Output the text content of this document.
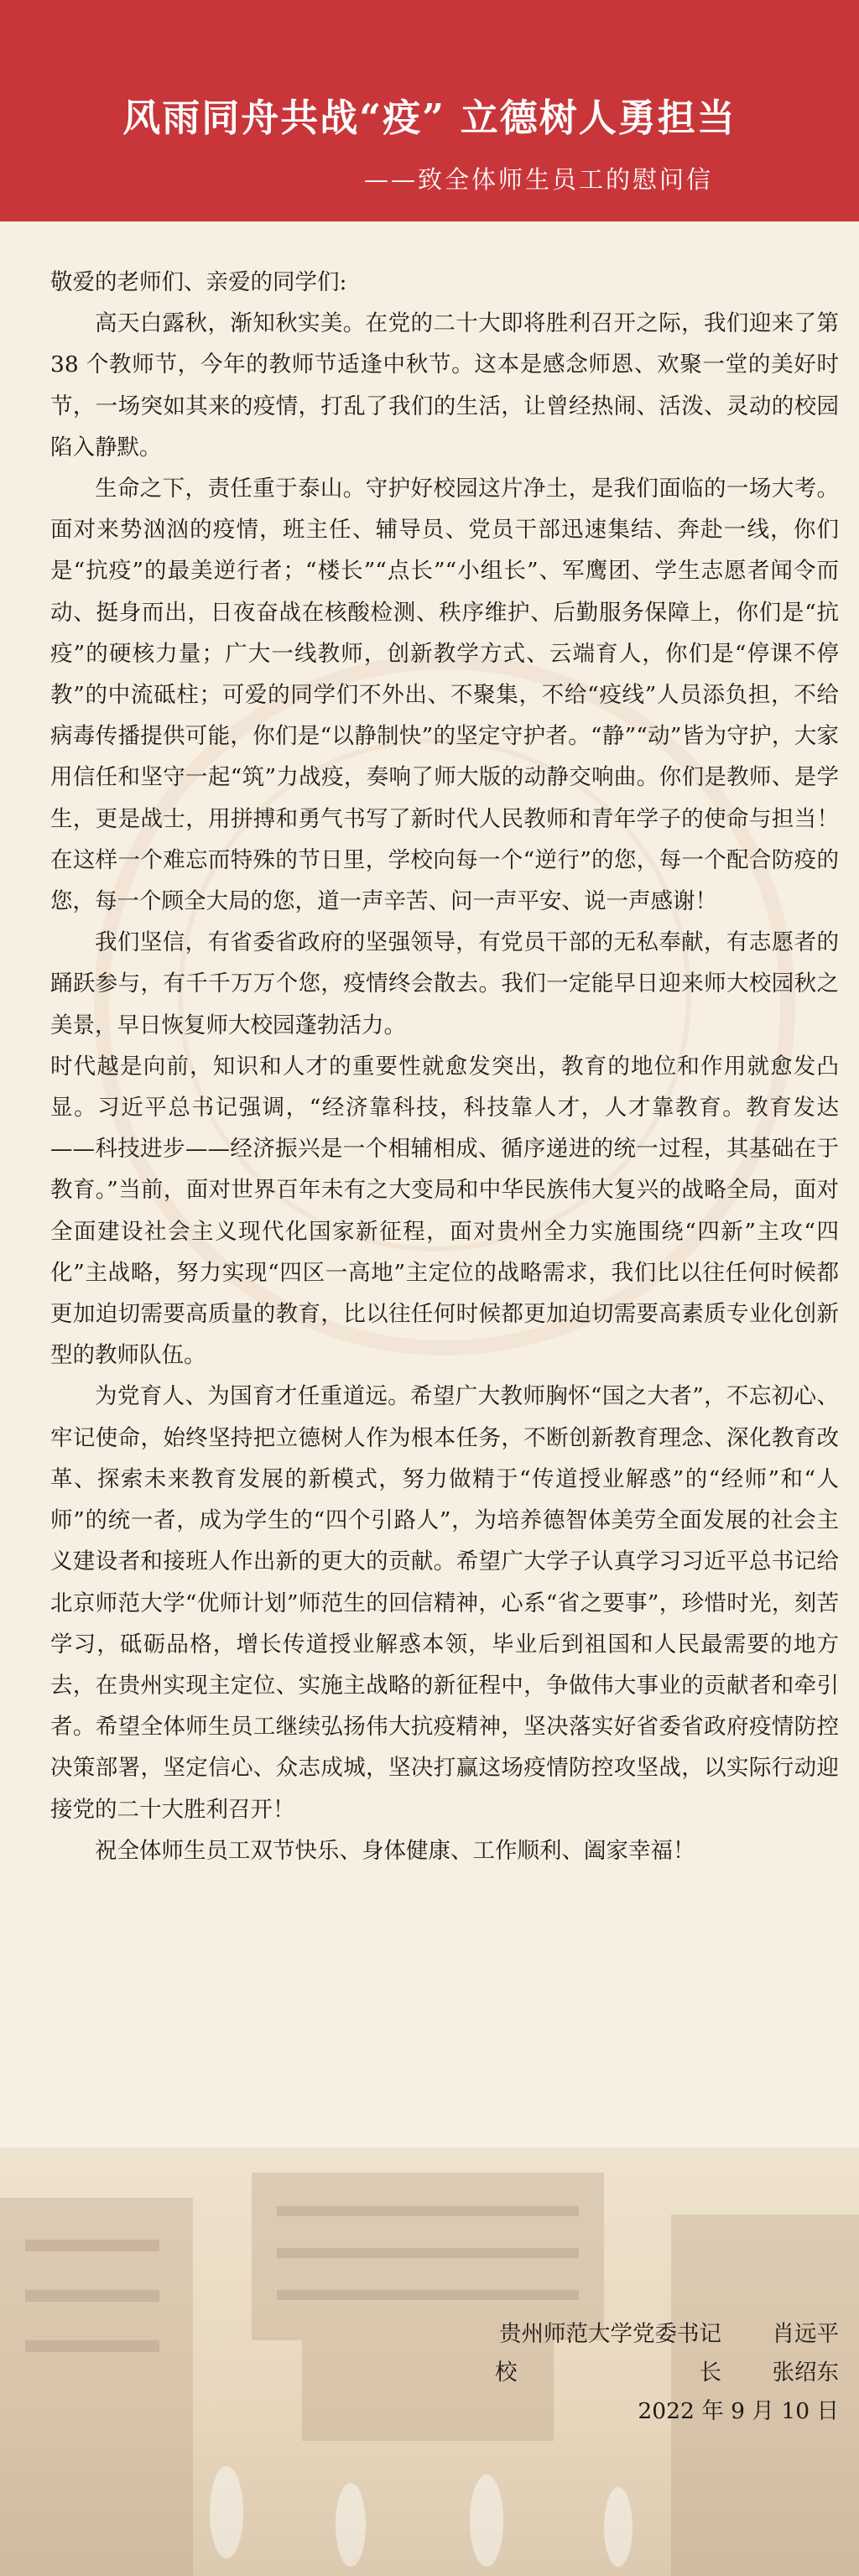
风雨同舟共战“疫” 立德树人勇担当
——致全体师生员工的慰问信

敬爱的老师们、亲爱的同学们:

高天白露秋，渐知秋实美。在党的二十大即将胜利召开之际，我们迎来了第 38 个教师节，今年的教师节适逢中秋节。这本是感念师恩、欢聚一堂的美好时节，一场突如其来的疫情，打乱了我们的生活，让曾经热闹、活泼、灵动的校园陷入静默。

生命之下，责任重于泰山。守护好校园这片净土，是我们面临的一场大考。面对来势汹汹的疫情，班主任、辅导员、党员干部迅速集结、奔赴一线，你们是“抗疫”的最美逆行者；“楼长”“点长”“小组长”、军鹰团、学生志愿者闻令而动、挺身而出，日夜奋战在核酸检测、秩序维护、后勤服务保障上，你们是“抗疫”的硬核力量；广大一线教师，创新教学方式、云端育人，你们是“停课不停教”的中流砥柱；可爱的同学们不外出、不聚集，不给“疫线”人员添负担，不给病毒传播提供可能，你们是“以静制快”的坚定守护者。“静”“动”皆为守护，大家用信任和坚守一起“筑”力战疫，奏响了师大版的动静交响曲。你们是教师、是学生，更是战士，用拼搏和勇气书写了新时代人民教师和青年学子的使命与担当！在这样一个难忘而特殊的节日里，学校向每一个“逆行”的您，每一个配合防疫的您，每一个顾全大局的您，道一声辛苦、问一声平安、说一声感谢！

我们坚信，有省委省政府的坚强领导，有党员干部的无私奉献，有志愿者的踊跃参与，有千千万万个您，疫情终会散去。我们一定能早日迎来师大校园秋之美景，早日恢复师大校园蓬勃活力。

时代越是向前，知识和人才的重要性就愈发突出，教育的地位和作用就愈发凸显。习近平总书记强调，“经济靠科技，科技靠人才，人才靠教育。教育发达——科技进步——经济振兴是一个相辅相成、循序递进的统一过程，其基础在于教育。”当前，面对世界百年未有之大变局和中华民族伟大复兴的战略全局，面对全面建设社会主义现代化国家新征程，面对贵州全力实施围绕“四新”主攻“四化”主战略，努力实现“四区一高地”主定位的战略需求，我们比以往任何时候都更加迫切需要高质量的教育，比以往任何时候都更加迫切需要高素质专业化创新型的教师队伍。

为党育人、为国育才任重道远。希望广大教师胸怀“国之大者”，不忘初心、牢记使命，始终坚持把立德树人作为根本任务，不断创新教育理念、深化教育改革、探索未来教育发展的新模式，努力做精于“传道授业解惑”的“经师”和“人师”的统一者，成为学生的“四个引路人”，为培养德智体美劳全面发展的社会主义建设者和接班人作出新的更大的贡献。希望广大学子认真学习习近平总书记给北京师范大学“优师计划”师范生的回信精神，心系“省之要事”，珍惜时光，刻苦学习，砥砺品格，增长传道授业解惑本领，毕业后到祖国和人民最需要的地方去，在贵州实现主定位、实施主战略的新征程中，争做伟大事业的贡献者和牵引者。希望全体师生员工继续弘扬伟大抗疫精神，坚决落实好省委省政府疫情防控决策部署，坚定信心、众志成城，坚决打赢这场疫情防控攻坚战，以实际行动迎接党的二十大胜利召开！

祝全体师生员工双节快乐、身体健康、工作顺利、阖家幸福！

贵州师范大学党委书记	肖远平
校　　长	张绍东
2022 年 9 月 10 日
